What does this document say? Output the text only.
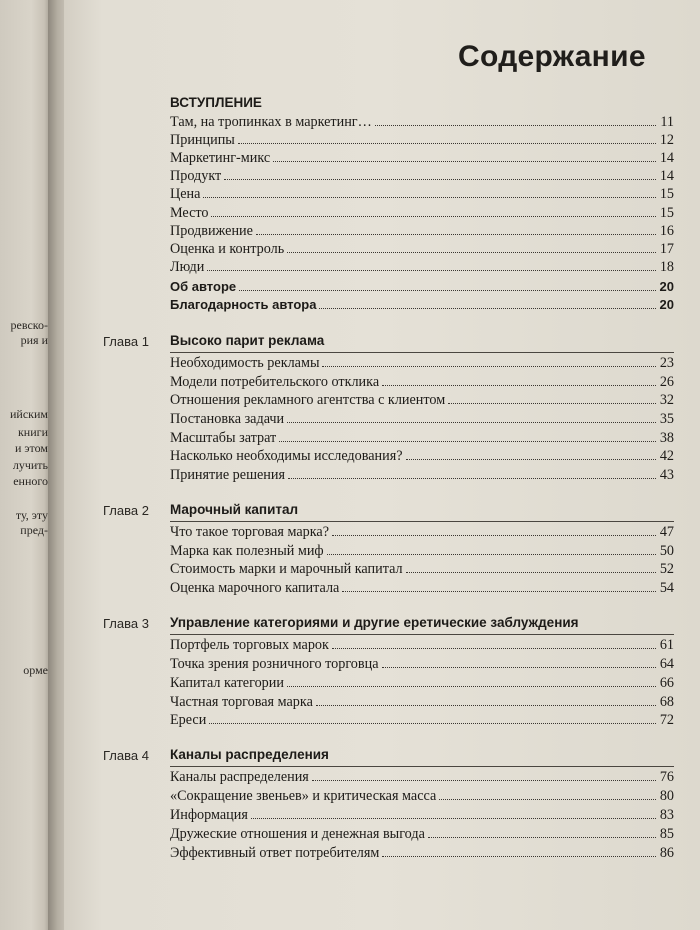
ревско-
рия и
ийским
книги
и этом
лучить
енного
ту, эту
пред-
орме
Содержание
ВСТУПЛЕНИЕ
Там, на тропинках в маркетинг…	11
Принципы	12
Маркетинг-микс	14
Продукт	14
Цена	15
Место	15
Продвижение	16
Оценка и контроль	17
Люди	18
Об авторе	20
Благодарность автора	20
Глава 1 Высоко парит реклама
Необходимость рекламы	23
Модели потребительского отклика	26
Отношения рекламного агентства с клиентом	32
Постановка задачи	35
Масштабы затрат	38
Насколько необходимы исследования?	42
Принятие решения	43
Глава 2 Марочный капитал
Что такое торговая марка?	47
Марка как полезный миф	50
Стоимость марки и марочный капитал	52
Оценка марочного капитала	54
Глава 3 Управление категориями и другие еретические заблуждения
Портфель торговых марок	61
Точка зрения розничного торговца	64
Капитал категории	66
Частная торговая марка	68
Ереси	72
Глава 4 Каналы распределения
Каналы распределения	76
«Сокращение звеньев» и критическая масса	80
Информация	83
Дружеские отношения и денежная выгода	85
Эффективный ответ потребителям	86
